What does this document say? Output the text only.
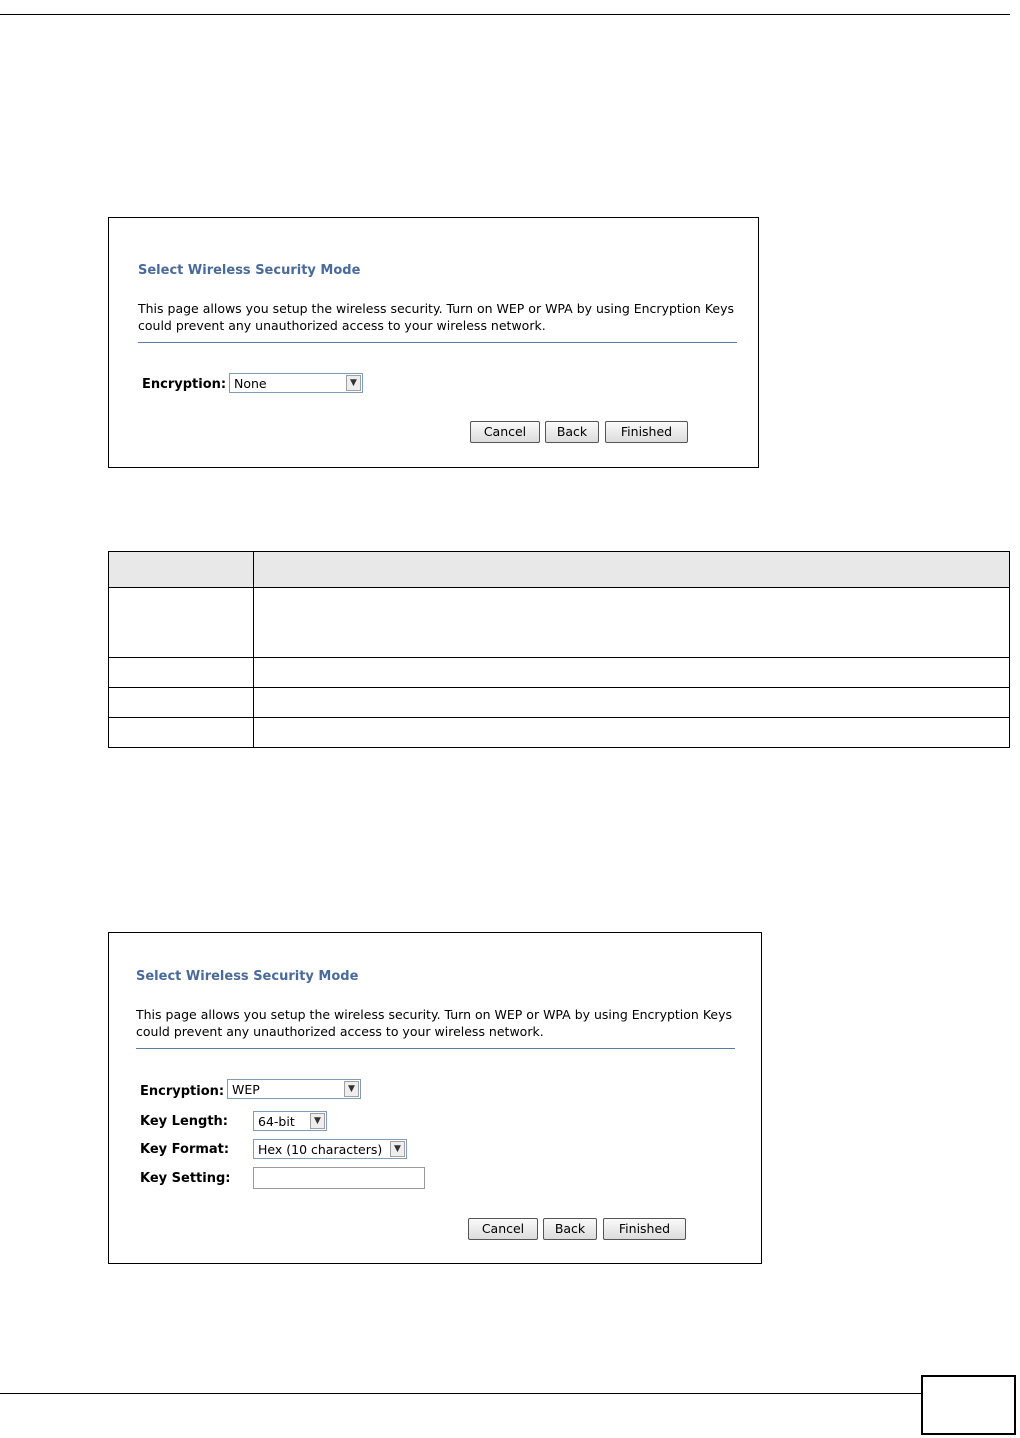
Select Wireless Security Mode
This page allows you setup the wireless security. Turn on WEP or WPA by using Encryption Keys could prevent any unauthorized access to your wireless network.
Encryption: None	▼
Cancel	Back	Finished

Select Wireless Security Mode
This page allows you setup the wireless security. Turn on WEP or WPA by using Encryption Keys could prevent any unauthorized access to your wireless network.
Encryption: WEP	▼
Key Length: 64-bit	▼
Key Format: Hex (10 characters)	▼
Key Setting:
Cancel	Back	Finished
